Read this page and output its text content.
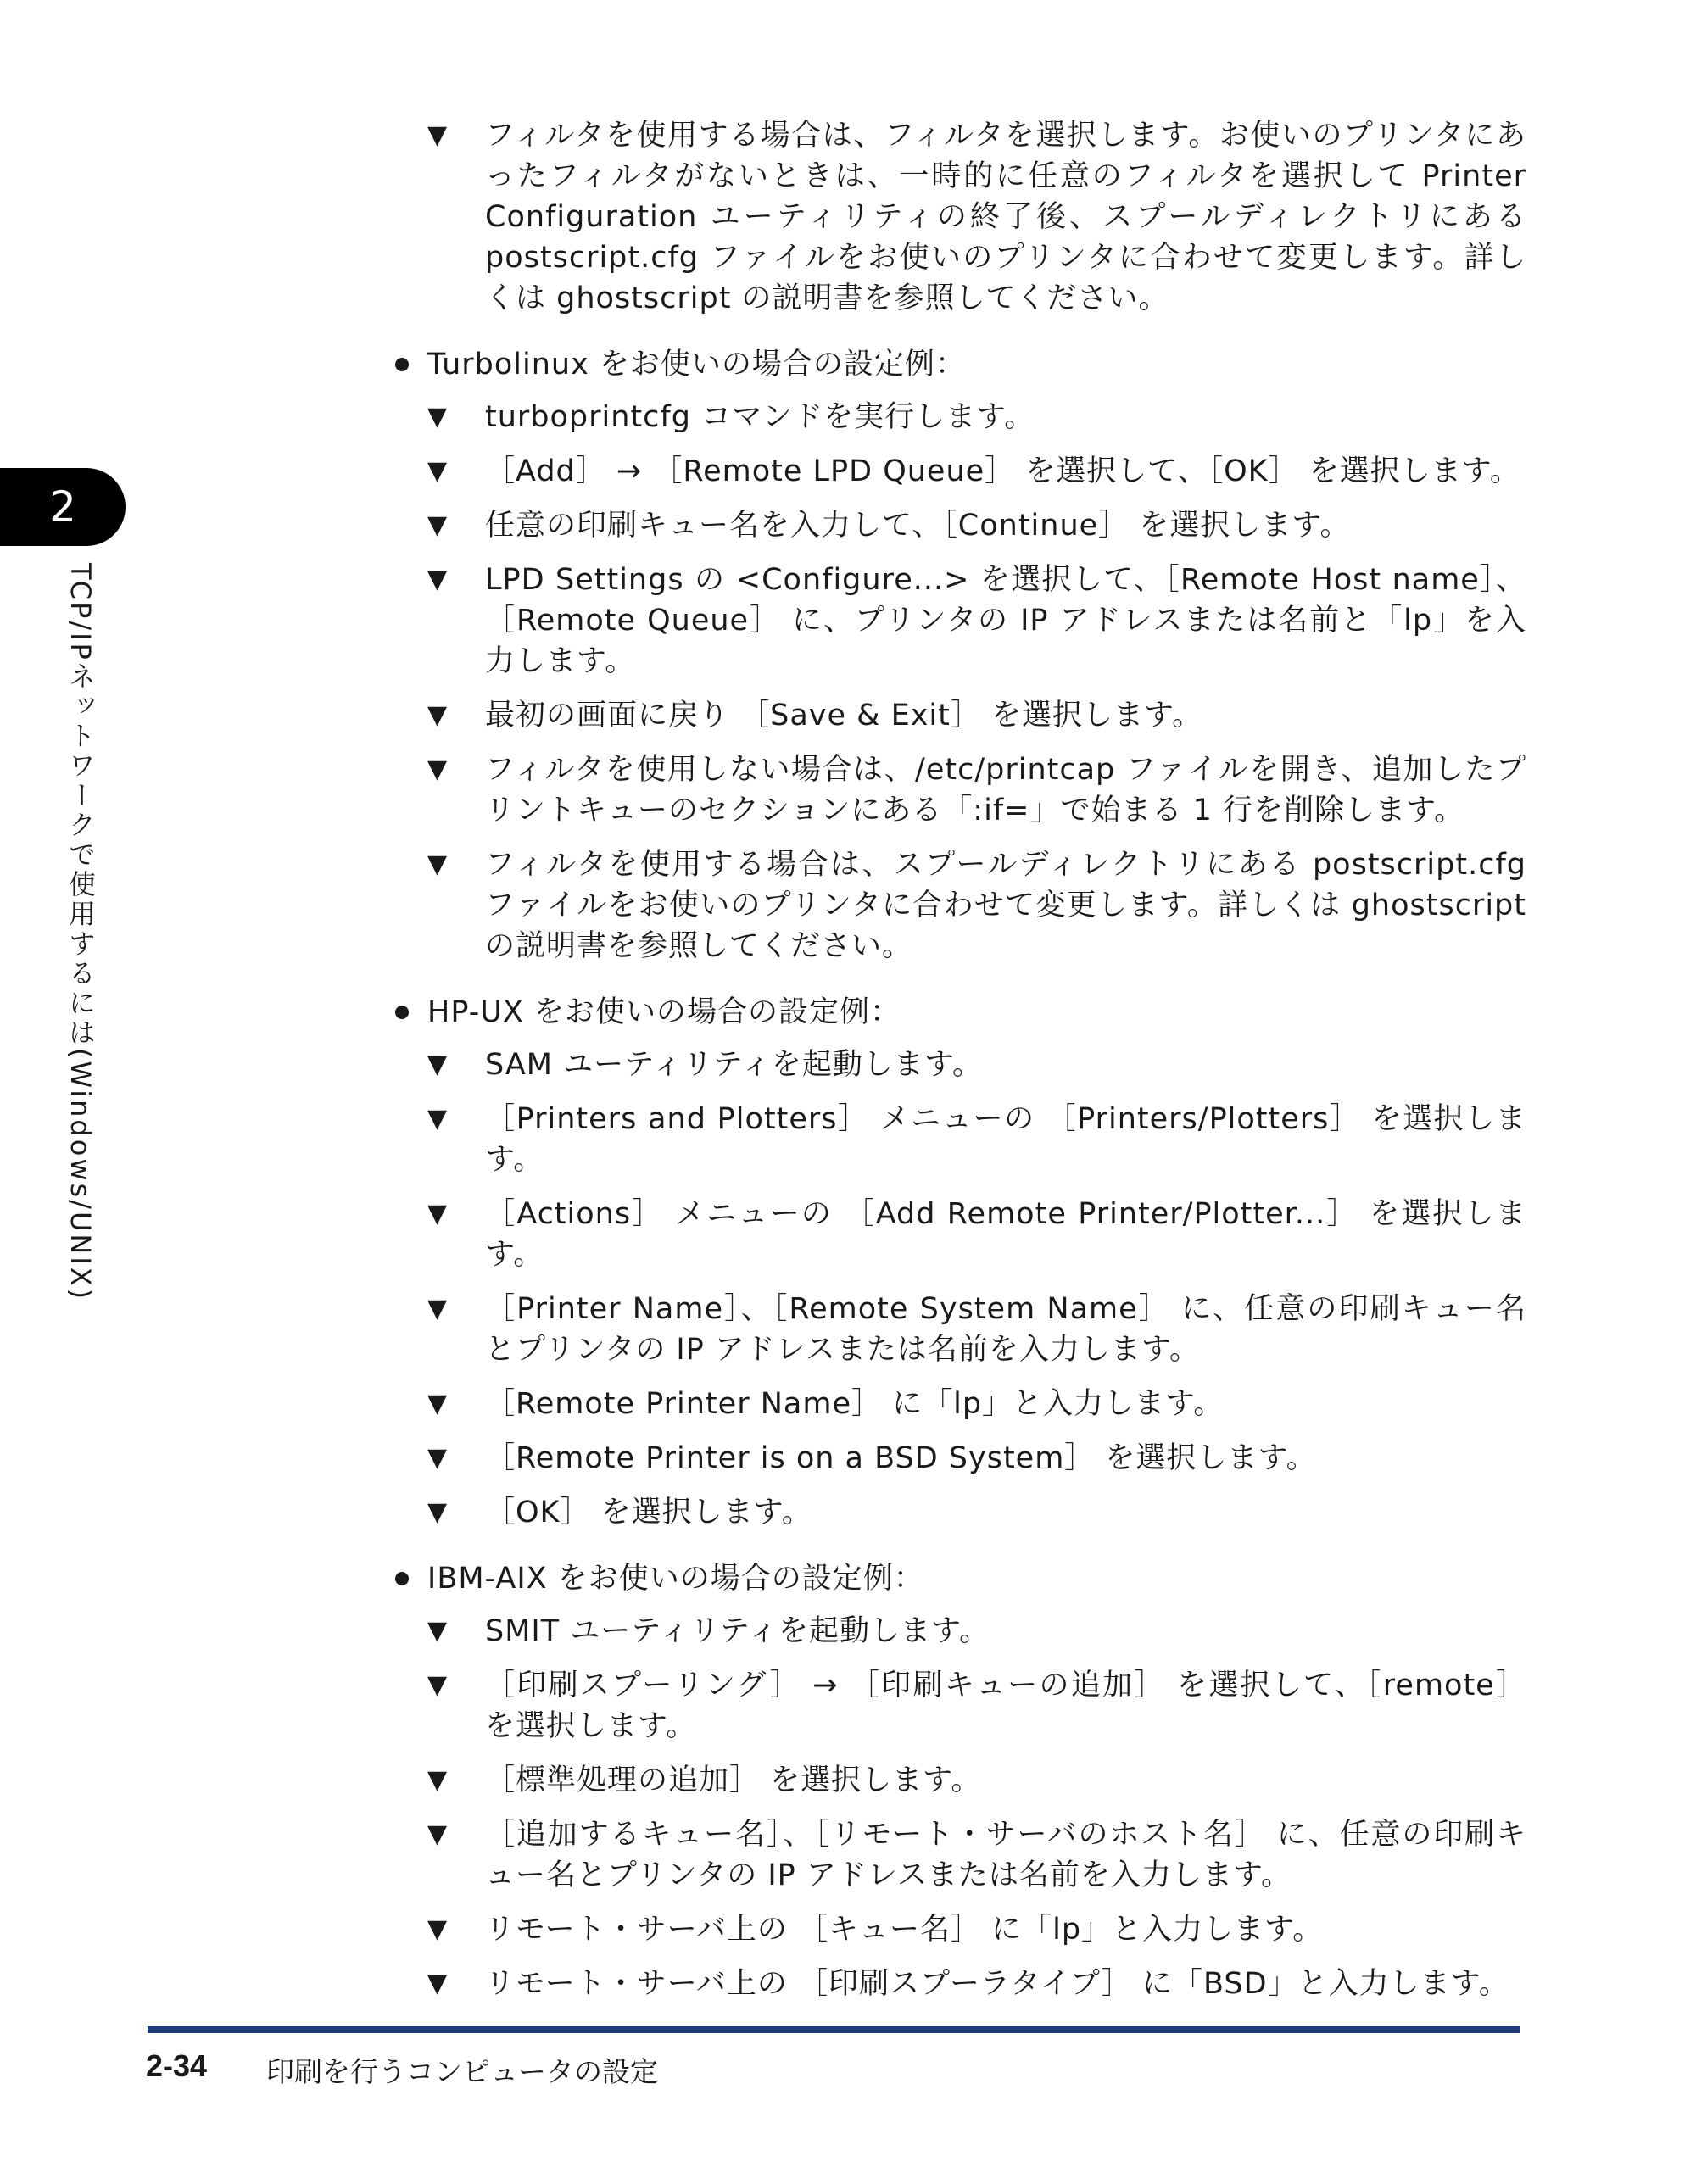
2
TCP/IPネットワークで使用するには(Windows/UNIX)
▼ フィルタを使用する場合は、フィルタを選択します。お使いのプリンタにあったフィルタがないときは、一時的に任意のフィルタを選択して Printer Configuration ユーティリティの終了後、スプールディレクトリにある postscript.cfg ファイルをお使いのプリンタに合わせて変更します。詳しくは ghostscript の説明書を参照してください。
Turbolinux をお使いの場合の設定例：
▼ turboprintcfg コマンドを実行します。
▼ ［Add］ → ［Remote LPD Queue］ を選択して、［OK］ を選択します。
▼ 任意の印刷キュー名を入力して、［Continue］ を選択します。
▼ LPD Settings の <Configure...> を選択して、［Remote Host name］、［Remote Queue］ に、プリンタの IP アドレスまたは名前と「lp」を入力します。
▼ 最初の画面に戻り ［Save & Exit］ を選択します。
▼ フィルタを使用しない場合は、/etc/printcap ファイルを開き、追加したプリントキューのセクションにある「:if=」で始まる 1 行を削除します。
▼ フィルタを使用する場合は、スプールディレクトリにある postscript.cfg ファイルをお使いのプリンタに合わせて変更します。詳しくは ghostscript の説明書を参照してください。
HP-UX をお使いの場合の設定例：
▼ SAM ユーティリティを起動します。
▼ ［Printers and Plotters］ メニューの ［Printers/Plotters］ を選択します。
▼ ［Actions］ メニューの ［Add Remote Printer/Plotter...］ を選択します。
▼ ［Printer Name］、［Remote System Name］ に、任意の印刷キュー名とプリンタの IP アドレスまたは名前を入力します。
▼ ［Remote Printer Name］ に「lp」と入力します。
▼ ［Remote Printer is on a BSD System］ を選択します。
▼ ［OK］ を選択します。
IBM-AIX をお使いの場合の設定例：
▼ SMIT ユーティリティを起動します。
▼ ［印刷スプーリング］ → ［印刷キューの追加］ を選択して、［remote］ を選択します。
▼ ［標準処理の追加］ を選択します。
▼ ［追加するキュー名］、［リモート・サーバのホスト名］ に、任意の印刷キュー名とプリンタの IP アドレスまたは名前を入力します。
▼ リモート・サーバ上の ［キュー名］ に「lp」と入力します。
▼ リモート・サーバ上の ［印刷スプーラタイプ］ に「BSD」と入力します。
2-34 印刷を行うコンピュータの設定
